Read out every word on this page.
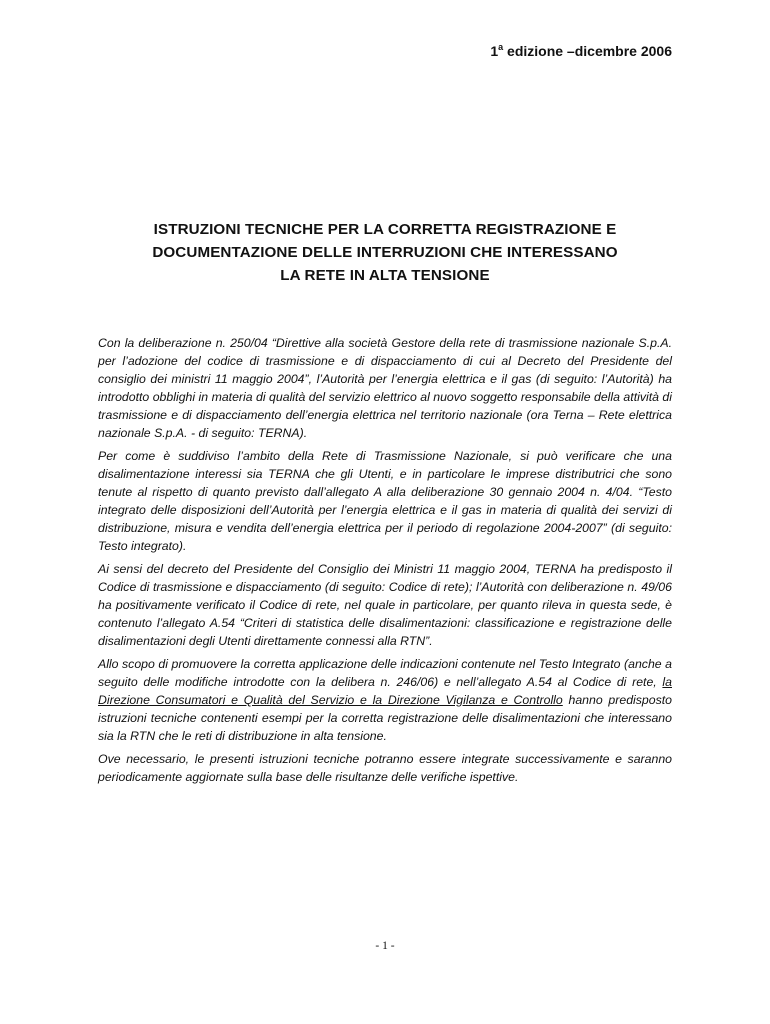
1$^a$ edizione –dicembre 2006
ISTRUZIONI TECNICHE PER LA CORRETTA REGISTRAZIONE E
DOCUMENTAZIONE DELLE INTERRUZIONI CHE INTERESSANO
LA RETE IN ALTA TENSIONE

Con la deliberazione n. 250/04 “Direttive alla società Gestore della rete di trasmissione nazionale S.p.A. per l’adozione del codice di trasmissione e di dispacciamento di cui al Decreto del Presidente del consiglio dei ministri 11 maggio 2004”, l’Autorità per l’energia elettrica e il gas (di seguito: l’Autorità) ha introdotto obblighi in materia di qualità del servizio elettrico al nuovo soggetto responsabile della attività di trasmissione e di dispacciamento dell’energia elettrica nel territorio nazionale (ora Terna – Rete elettrica nazionale S.p.A. - di seguito: TERNA).

Per come è suddiviso l’ambito della Rete di Trasmissione Nazionale, si può verificare che una disalimentazione interessi sia TERNA che gli Utenti, e in particolare le imprese distributrici che sono tenute al rispetto di quanto previsto dall’allegato A alla deliberazione 30 gennaio 2004 n. 4/04. “Testo integrato delle disposizioni dell’Autorità per l’energia elettrica e il gas in materia di qualità dei servizi di distribuzione, misura e vendita dell’energia elettrica per il periodo di regolazione 2004-2007” (di seguito: Testo integrato).

Ai sensi del decreto del Presidente del Consiglio dei Ministri 11 maggio 2004, TERNA ha predisposto il Codice di trasmissione e dispacciamento (di seguito: Codice di rete); l’Autorità con deliberazione n. 49/06 ha positivamente verificato il Codice di rete, nel quale in particolare, per quanto rileva in questa sede, è contenuto l’allegato A.54 “Criteri di statistica delle disalimentazioni: classificazione e registrazione delle disalimentazioni degli Utenti direttamente connessi alla RTN”.

Allo scopo di promuovere la corretta applicazione delle indicazioni contenute nel Testo Integrato (anche a seguito delle modifiche introdotte con la delibera n. 246/06) e nell’allegato A.54 al Codice di rete, la Direzione Consumatori e Qualità del Servizio e la Direzione Vigilanza e Controllo hanno predisposto istruzioni tecniche contenenti esempi per la corretta registrazione delle disalimentazioni che interessano sia la RTN che le reti di distribuzione in alta tensione.

Ove necessario, le presenti istruzioni tecniche potranno essere integrate successivamente e saranno periodicamente aggiornate sulla base delle risultanze delle verifiche ispettive.

- 1 -
